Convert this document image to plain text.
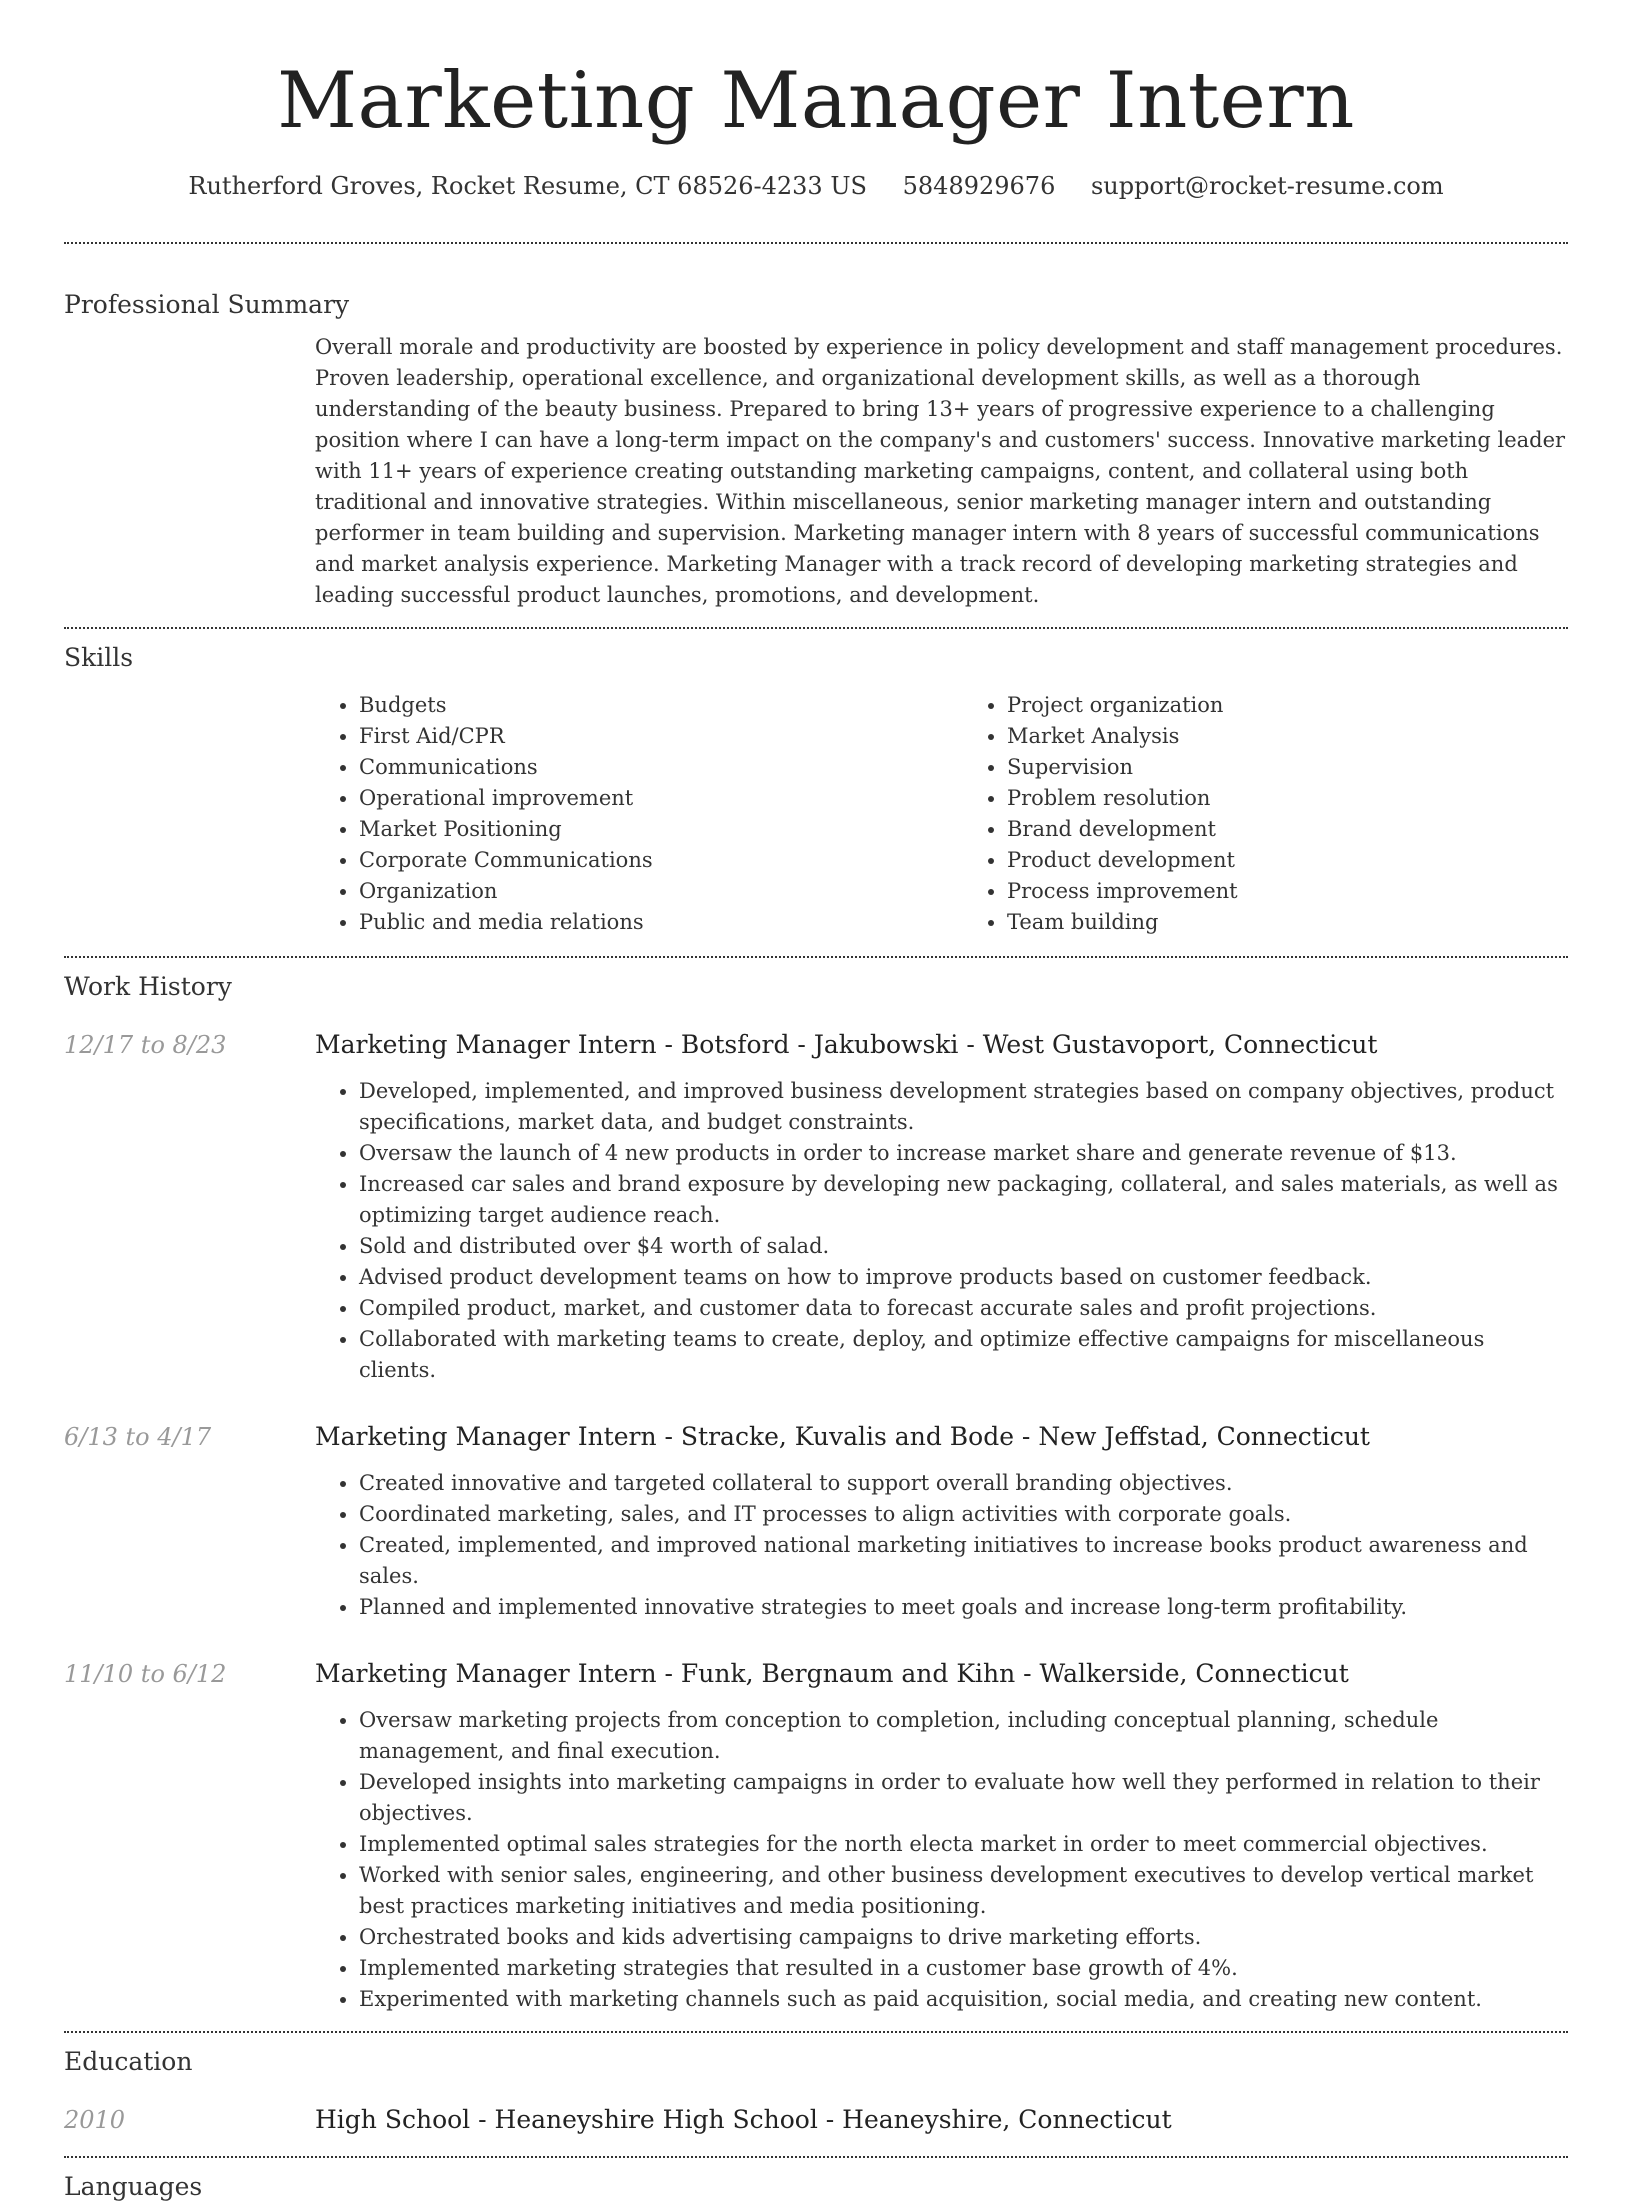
Marketing Manager Intern
Rutherford Groves, Rocket Resume, CT 68526-4233 US 5848929676 support@rocket-resume.com
Professional Summary

Overall morale and productivity are boosted by experience in policy development and staff management procedures. Proven leadership, operational excellence, and organizational development skills, as well as a thorough understanding of the beauty business. Prepared to bring 13+ years of progressive experience to a challenging position where I can have a long-term impact on the company's and customers' success. Innovative marketing leader with 11+ years of experience creating outstanding marketing campaigns, content, and collateral using both traditional and innovative strategies. Within miscellaneous, senior marketing manager intern and outstanding performer in team building and supervision. Marketing manager intern with 8 years of successful communications and market analysis experience. Marketing Manager with a track record of developing marketing strategies and leading successful product launches, promotions, and development.

Skills
• Budgets
• First Aid/CPR
• Communications
• Operational improvement
• Market Positioning
• Corporate Communications
• Organization
• Public and media relations
• Project organization
• Market Analysis
• Supervision
• Problem resolution
• Brand development
• Product development
• Process improvement
• Team building
Work History
12/17 to 8/23	Marketing Manager Intern - Botsford - Jakubowski - West Gustavoport, Connecticut
• Developed, implemented, and improved business development strategies based on company objectives, product specifications, market data, and budget constraints.
• Oversaw the launch of 4 new products in order to increase market share and generate revenue of $13.
• Increased car sales and brand exposure by developing new packaging, collateral, and sales materials, as well as optimizing target audience reach.
• Sold and distributed over $4 worth of salad.
• Advised product development teams on how to improve products based on customer feedback.
• Compiled product, market, and customer data to forecast accurate sales and profit projections.
• Collaborated with marketing teams to create, deploy, and optimize effective campaigns for miscellaneous clients.
6/13 to 4/17	Marketing Manager Intern - Stracke, Kuvalis and Bode - New Jeffstad, Connecticut
• Created innovative and targeted collateral to support overall branding objectives.
• Coordinated marketing, sales, and IT processes to align activities with corporate goals.
• Created, implemented, and improved national marketing initiatives to increase books product awareness and sales.
• Planned and implemented innovative strategies to meet goals and increase long-term profitability.
11/10 to 6/12	Marketing Manager Intern - Funk, Bergnaum and Kihn - Walkerside, Connecticut
• Oversaw marketing projects from conception to completion, including conceptual planning, schedule management, and final execution.
• Developed insights into marketing campaigns in order to evaluate how well they performed in relation to their objectives.
• Implemented optimal sales strategies for the north electa market in order to meet commercial objectives.
• Worked with senior sales, engineering, and other business development executives to develop vertical market best practices marketing initiatives and media positioning.
• Orchestrated books and kids advertising campaigns to drive marketing efforts.
• Implemented marketing strategies that resulted in a customer base growth of 4%.
• Experimented with marketing channels such as paid acquisition, social media, and creating new content.
Education
2010	High School - Heaneyshire High School - Heaneyshire, Connecticut
Languages
